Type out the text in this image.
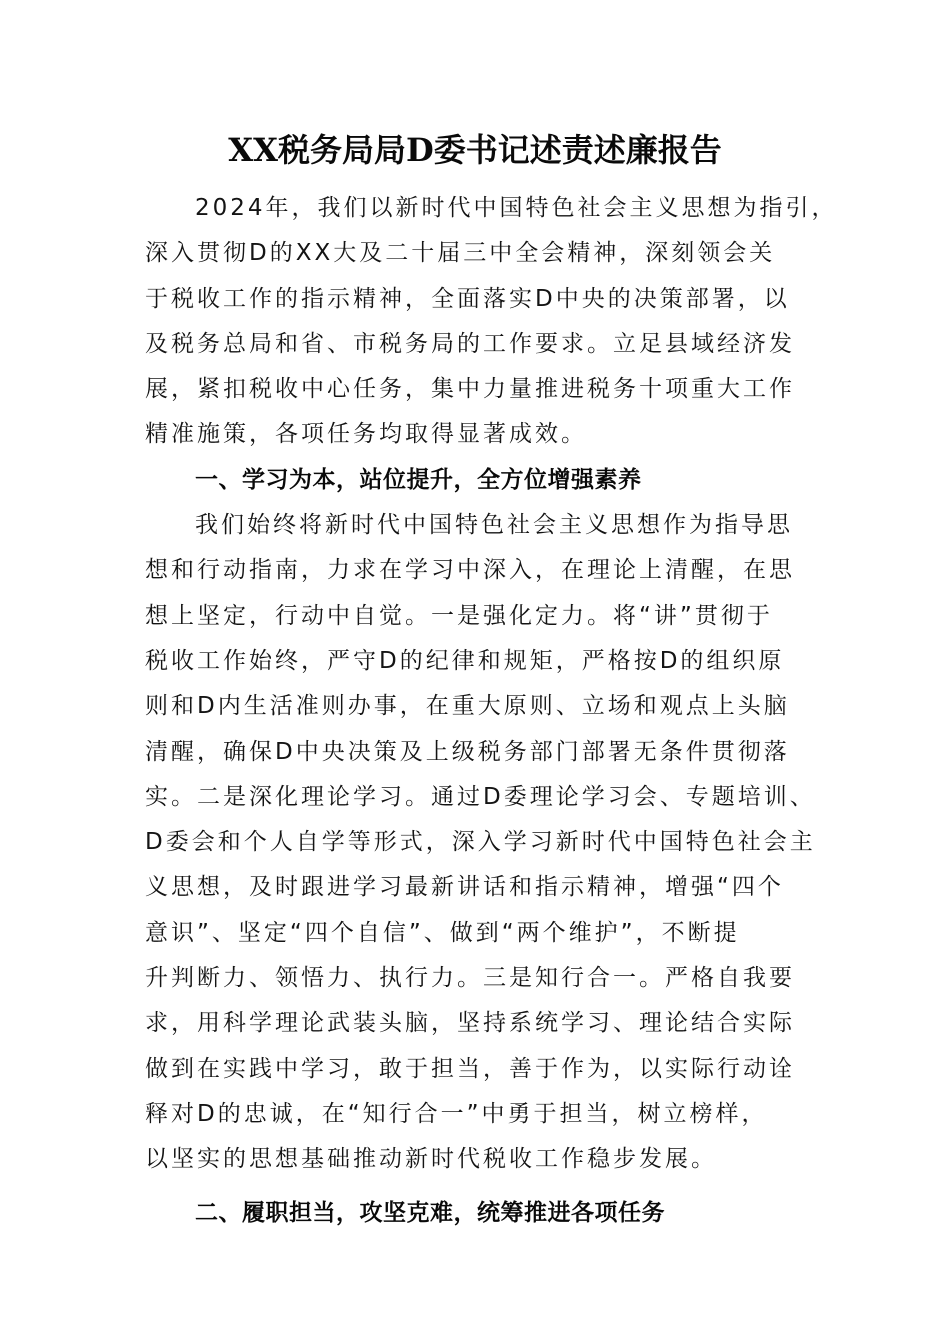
XX税务局局D委书记述责述廉报告
2024年，我们以新时代中国特色社会主义思想为指引，
深入贯彻D的XX大及二十届三中全会精神，深刻领会关
于税收工作的指示精神，全面落实D中央的决策部署，以
及税务总局和省、市税务局的工作要求。立足县域经济发
展，紧扣税收中心任务，集中力量推进税务十项重大工作
精准施策，各项任务均取得显著成效。
一、学习为本，站位提升，全方位增强素养
我们始终将新时代中国特色社会主义思想作为指导思
想和行动指南，力求在学习中深入，在理论上清醒，在思
想上坚定，行动中自觉。一是强化定力。将“讲”贯彻于
税收工作始终，严守D的纪律和规矩，严格按D的组织原
则和D内生活准则办事，在重大原则、立场和观点上头脑
清醒，确保D中央决策及上级税务部门部署无条件贯彻落
实。二是深化理论学习。通过D委理论学习会、专题培训、
D委会和个人自学等形式，深入学习新时代中国特色社会主
义思想，及时跟进学习最新讲话和指示精神，增强“四个
意识”、坚定“四个自信”、做到“两个维护”，不断提
升判断力、领悟力、执行力。三是知行合一。严格自我要
求，用科学理论武装头脑，坚持系统学习、理论结合实际
做到在实践中学习，敢于担当，善于作为，以实际行动诠
释对D的忠诚，在“知行合一”中勇于担当，树立榜样，
以坚实的思想基础推动新时代税收工作稳步发展。
二、履职担当，攻坚克难，统筹推进各项任务
